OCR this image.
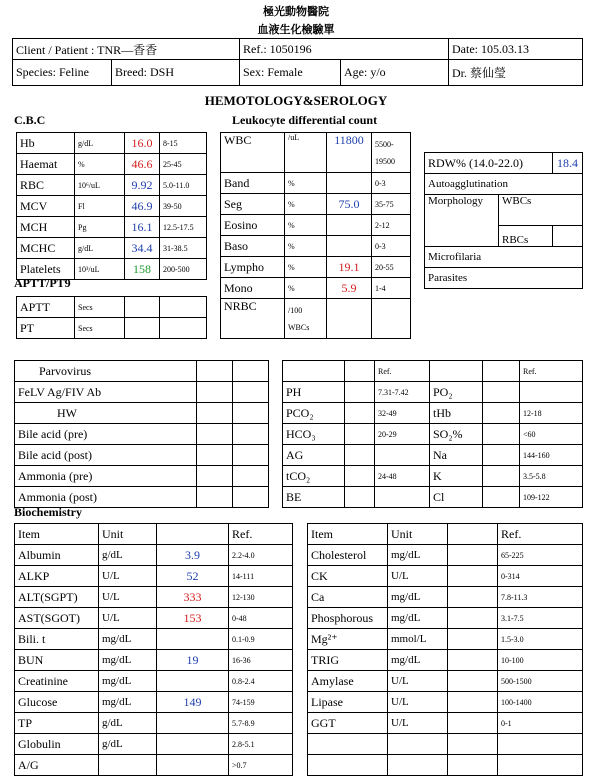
極光動物醫院
血液生化檢驗單
Client / Patient : TNR—香香		Ref.: 1050196		Date: 105.03.13
Species: Feline	Breed: DSH	Sex: Female	Age: y/o	Dr. 蔡仙瑩
HEMOTOLOGY&SEROLOGY
C.B.C
Hb	g/dL	16.0	8-15
Haemat	%	46.6	25-45
RBC	10⁶/uL	9.92	5.0-11.0
MCV	Fl	46.9	39-50
MCH	Pg	16.1	12.5-17.5
MCHC	g/dL	34.4	31-38.5
Platelets	10³/uL	158	200-500
APTT/PT9
APTT	Secs		
PT	Secs		
Leukocyte differential count
WBC	/uL	11800	5500-
19500

Band	%		0-3
Seg	%	75.0	35-75
Eosino	%		2-12
Baso	%		0-3
Lympho	%	19.1	20-55
Mono	%	5.9	1-4
NRBC	/100
WBCs		

RDW% (14.0-22.0)		18.4
Autoagglutination		
Morphology	WBCs	
	RBCs	
Microfilaria		
Parasites		
Parvovirus		
FeLV Ag/FIV Ab		
HW		
Bile acid (pre)		
Bile acid (post)		
Ammonia (pre)		
Ammonia (post)		
		Ref.			Ref.
PH		7.31-7.42	PO₂		
PCO₂		32-49	tHb		12-18
HCO₃		20-29	SO₂%		<60
AG			Na		144-160
tCO₂		24-48	K		3.5-5.8
BE			Cl		109-122
Biochemistry
Item	Unit		Ref.
Albumin	g/dL	3.9	2.2-4.0
ALKP	U/L	52	14-111
ALT(SGPT)	U/L	333	12-130
AST(SGOT)	U/L	153	0-48
Bili. t	mg/dL		0.1-0.9
BUN	mg/dL	19	16-36
Creatinine	mg/dL		0.8-2.4
Glucose	mg/dL	149	74-159
TP	g/dL		5.7-8.9
Globulin	g/dL		2.8-5.1
A/G			>0.7
Item	Unit		Ref.
Cholesterol	mg/dL		65-225
CK	U/L		0-314
Ca	mg/dL		7.8-11.3
Phosphorous	mg/dL		3.1-7.5
Mg²⁺	mmol/L		1.5-3.0
TRIG	mg/dL		10-100
Amylase	U/L		500-1500
Lipase	U/L		100-1400
GGT	U/L		0-1
